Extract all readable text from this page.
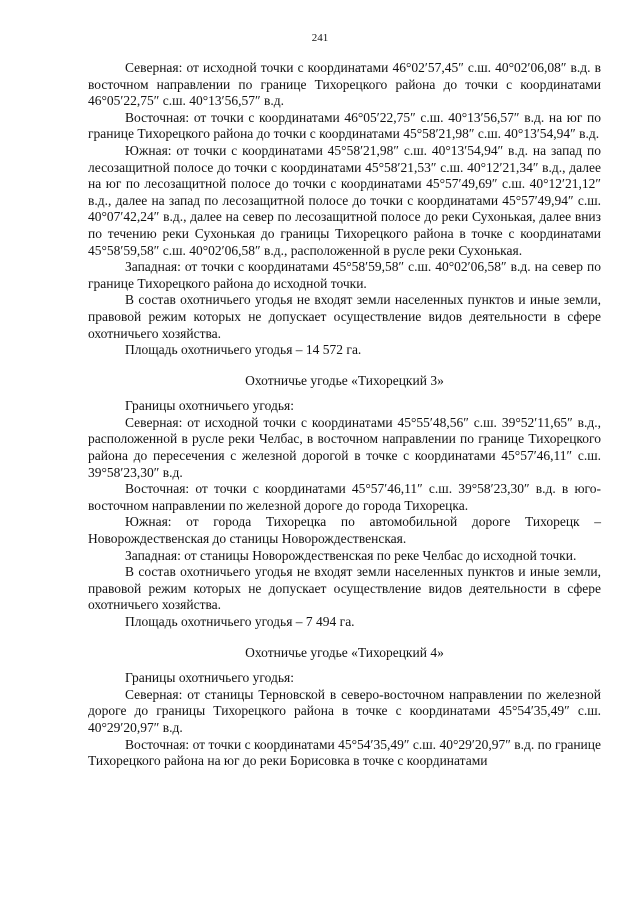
241

Северная: от исходной точки с координатами 46°02′57,45″ с.ш. 40°02′06,08″ в.д. в восточном направлении по границе Тихорецкого района до точки с координатами 46°05′22,75″ с.ш. 40°13′56,57″ в.д.

Восточная: от точки с координатами 46°05′22,75″ с.ш. 40°13′56,57″ в.д. на юг по границе Тихорецкого района до точки с координатами 45°58′21,98″ с.ш. 40°13′54,94″ в.д.

Южная: от точки с координатами 45°58′21,98″ с.ш. 40°13′54,94″ в.д. на запад по лесозащитной полосе до точки с координатами 45°58′21,53″ с.ш. 40°12′21,34″ в.д., далее на юг по лесозащитной полосе до точки с координатами 45°57′49,69″ с.ш. 40°12′21,12″ в.д., далее на запад по лесозащитной полосе до точки с координатами 45°57′49,94″ с.ш. 40°07′42,24″ в.д., далее на север по лесозащитной полосе до реки Сухонькая, далее вниз по течению реки Сухонькая до границы Тихорецкого района в точке с координатами 45°58′59,58″ с.ш. 40°02′06,58″ в.д., расположенной в русле реки Сухонькая.

Западная: от точки с координатами 45°58′59,58″ с.ш. 40°02′06,58″ в.д. на север по границе Тихорецкого района до исходной точки.

В состав охотничьего угодья не входят земли населенных пунктов и иные земли, правовой режим которых не допускает осуществление видов деятельности в сфере охотничьего хозяйства.

Площадь охотничьего угодья – 14 572 га.

Охотничье угодье «Тихорецкий 3»

Границы охотничьего угодья:

Северная: от исходной точки с координатами 45°55′48,56″ с.ш. 39°52′11,65″ в.д., расположенной в русле реки Челбас, в восточном направлении по границе Тихорецкого района до пересечения с железной дорогой в точке с координатами 45°57′46,11″ с.ш. 39°58′23,30″ в.д.

Восточная: от точки с координатами 45°57′46,11″ с.ш. 39°58′23,30″ в.д. в юго-восточном направлении по железной дороге до города Тихорецка.

Южная: от города Тихорецка по автомобильной дороге Тихорецк – Новорождественская до станицы Новорождественская.

Западная: от станицы Новорождественская по реке Челбас до исходной точки.

В состав охотничьего угодья не входят земли населенных пунктов и иные земли, правовой режим которых не допускает осуществление видов деятельности в сфере охотничьего хозяйства.

Площадь охотничьего угодья – 7 494 га.

Охотничье угодье «Тихорецкий 4»

Границы охотничьего угодья:

Северная: от станицы Терновской в северо-восточном направлении по железной дороге до границы Тихорецкого района в точке с координатами 45°54′35,49″ с.ш. 40°29′20,97″ в.д.

Восточная: от точки с координатами 45°54′35,49″ с.ш. 40°29′20,97″ в.д. по границе Тихорецкого района на юг до реки Борисовка в точке с координатами
